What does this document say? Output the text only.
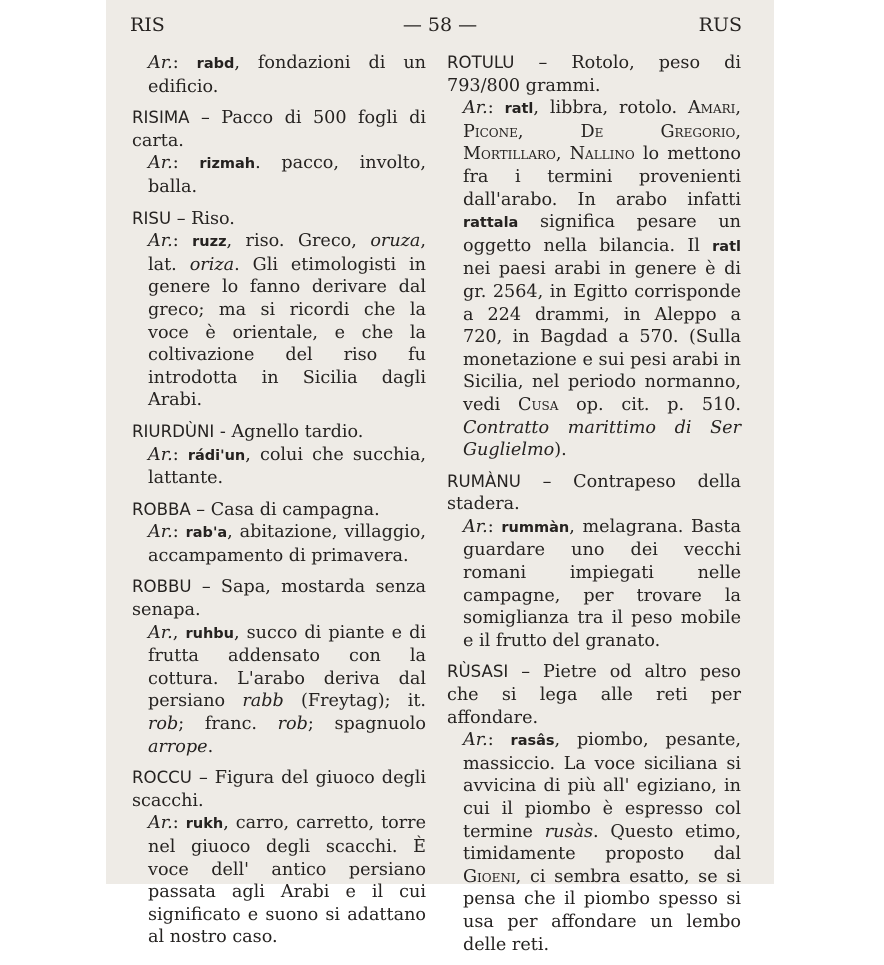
RIS	— 58 —	RUS

Ar.: rabd, fondazioni di un edificio.

RISIMA – Pacco di 500 fogli di carta.

Ar.: rizmah. pacco, involto, balla.

RISU – Riso.

Ar.: ruzz, riso. Greco, oruza, lat. oriza. Gli etimologisti in genere lo fanno derivare dal greco; ma si ricordi che la voce è orientale, e che la coltivazione del riso fu introdotta in Sicilia dagli Arabi.

RIURDÙNI - Agnello tardio.

Ar.: rádi'un, colui che succhia, lattante.

ROBBA – Casa di campagna.

Ar.: rab'a, abitazione, villaggio, accampamento di primavera.

ROBBU – Sapa, mostarda senza senapa.

Ar., ruhbu, succo di piante e di frutta addensato con la cottura. L'arabo deriva dal persiano rabb (Freytag); it. rob; franc. rob; spagnuolo arrope.

ROCCU – Figura del giuoco degli scacchi.

Ar.: rukh, carro, carretto, torre nel giuoco degli scacchi. È voce dell' antico persiano passata agli Arabi e il cui significato e suono si adattano al nostro caso.

ROTULU – Rotolo, peso di 793/800 grammi.

Ar.: ratl, libbra, rotolo. Amari, Picone, De Gregorio, Mortillaro, Nallino lo mettono fra i termini provenienti dall'arabo. In arabo infatti rattala significa pesare un oggetto nella bilancia. Il ratl nei paesi arabi in genere è di gr. 2564, in Egitto corrisponde a 224 drammi, in Aleppo a 720, in Bagdad a 570. (Sulla monetazione e sui pesi arabi in Sicilia, nel periodo normanno, vedi Cusa op. cit. p. 510. Contratto marittimo di Ser Guglielmo).

RUMÀNU – Contrapeso della stadera.

Ar.: rummàn, melagrana. Basta guardare uno dei vecchi romani impiegati nelle campagne, per trovare la somiglianza tra il peso mobile e il frutto del granato.

RÙSASI – Pietre od altro peso che si lega alle reti per affondare.

Ar.: rasâs, piombo, pesante, massiccio. La voce siciliana si avvicina di più all' egiziano, in cui il piombo è espresso col termine rusàs. Questo etimo, timidamente proposto dal Gioeni, ci sembra esatto, se si pensa che il piombo spesso si usa per affondare un lembo delle reti.
